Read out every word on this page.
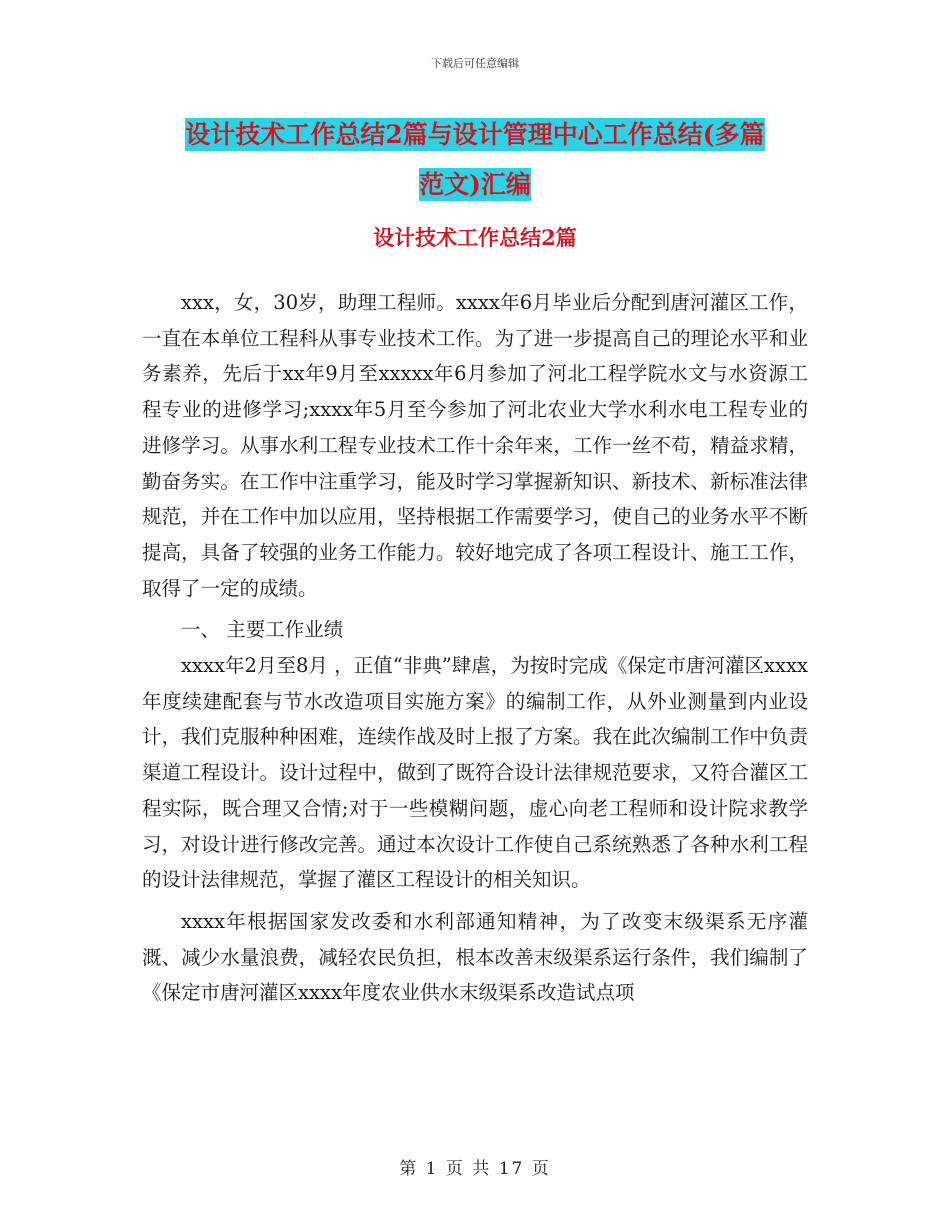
下载后可任意编辑
设计技术工作总结2篇与设计管理中心工作总结(多篇
范文)汇编
设计技术工作总结2篇

xxx，女，30岁，助理工程师。xxxx年6月毕业后分配到唐河灌区工作，一直在本单位工程科从事专业技术工作。为了进一步提高自己的理论水平和业务素养，先后于xx年9月至xxxxx年6月参加了河北工程学院水文与水资源工程专业的进修学习;xxxx年5月至今参加了河北农业大学水利水电工程专业的进修学习。从事水利工程专业技术工作十余年来，工作一丝不苟，精益求精，勤奋务实。在工作中注重学习，能及时学习掌握新知识、新技术、新标准法律规范，并在工作中加以应用，坚持根据工作需要学习，使自己的业务水平不断提高，具备了较强的业务工作能力。较好地完成了各项工程设计、施工工作，取得了一定的成绩。

一、 主要工作业绩

xxxx年2月至8月 ，正值“非典”肆虐，为按时完成《保定市唐河灌区xxxx年度续建配套与节水改造项目实施方案》的编制工作，从外业测量到内业设计，我们克服种种困难，连续作战及时上报了方案。我在此次编制工作中负责渠道工程设计。设计过程中，做到了既符合设计法律规范要求，又符合灌区工程实际，既合理又合情;对于一些模糊问题，虚心向老工程师和设计院求教学习，对设计进行修改完善。通过本次设计工作使自己系统熟悉了各种水利工程的设计法律规范，掌握了灌区工程设计的相关知识。

xxxx年根据国家发改委和水利部通知精神，为了改变末级渠系无序灌溉、减少水量浪费，减轻农民负担，根本改善末级渠系运行条件，我们编制了《保定市唐河灌区xxxx年度农业供水末级渠系改造试点项

第 1 页 共 17 页
